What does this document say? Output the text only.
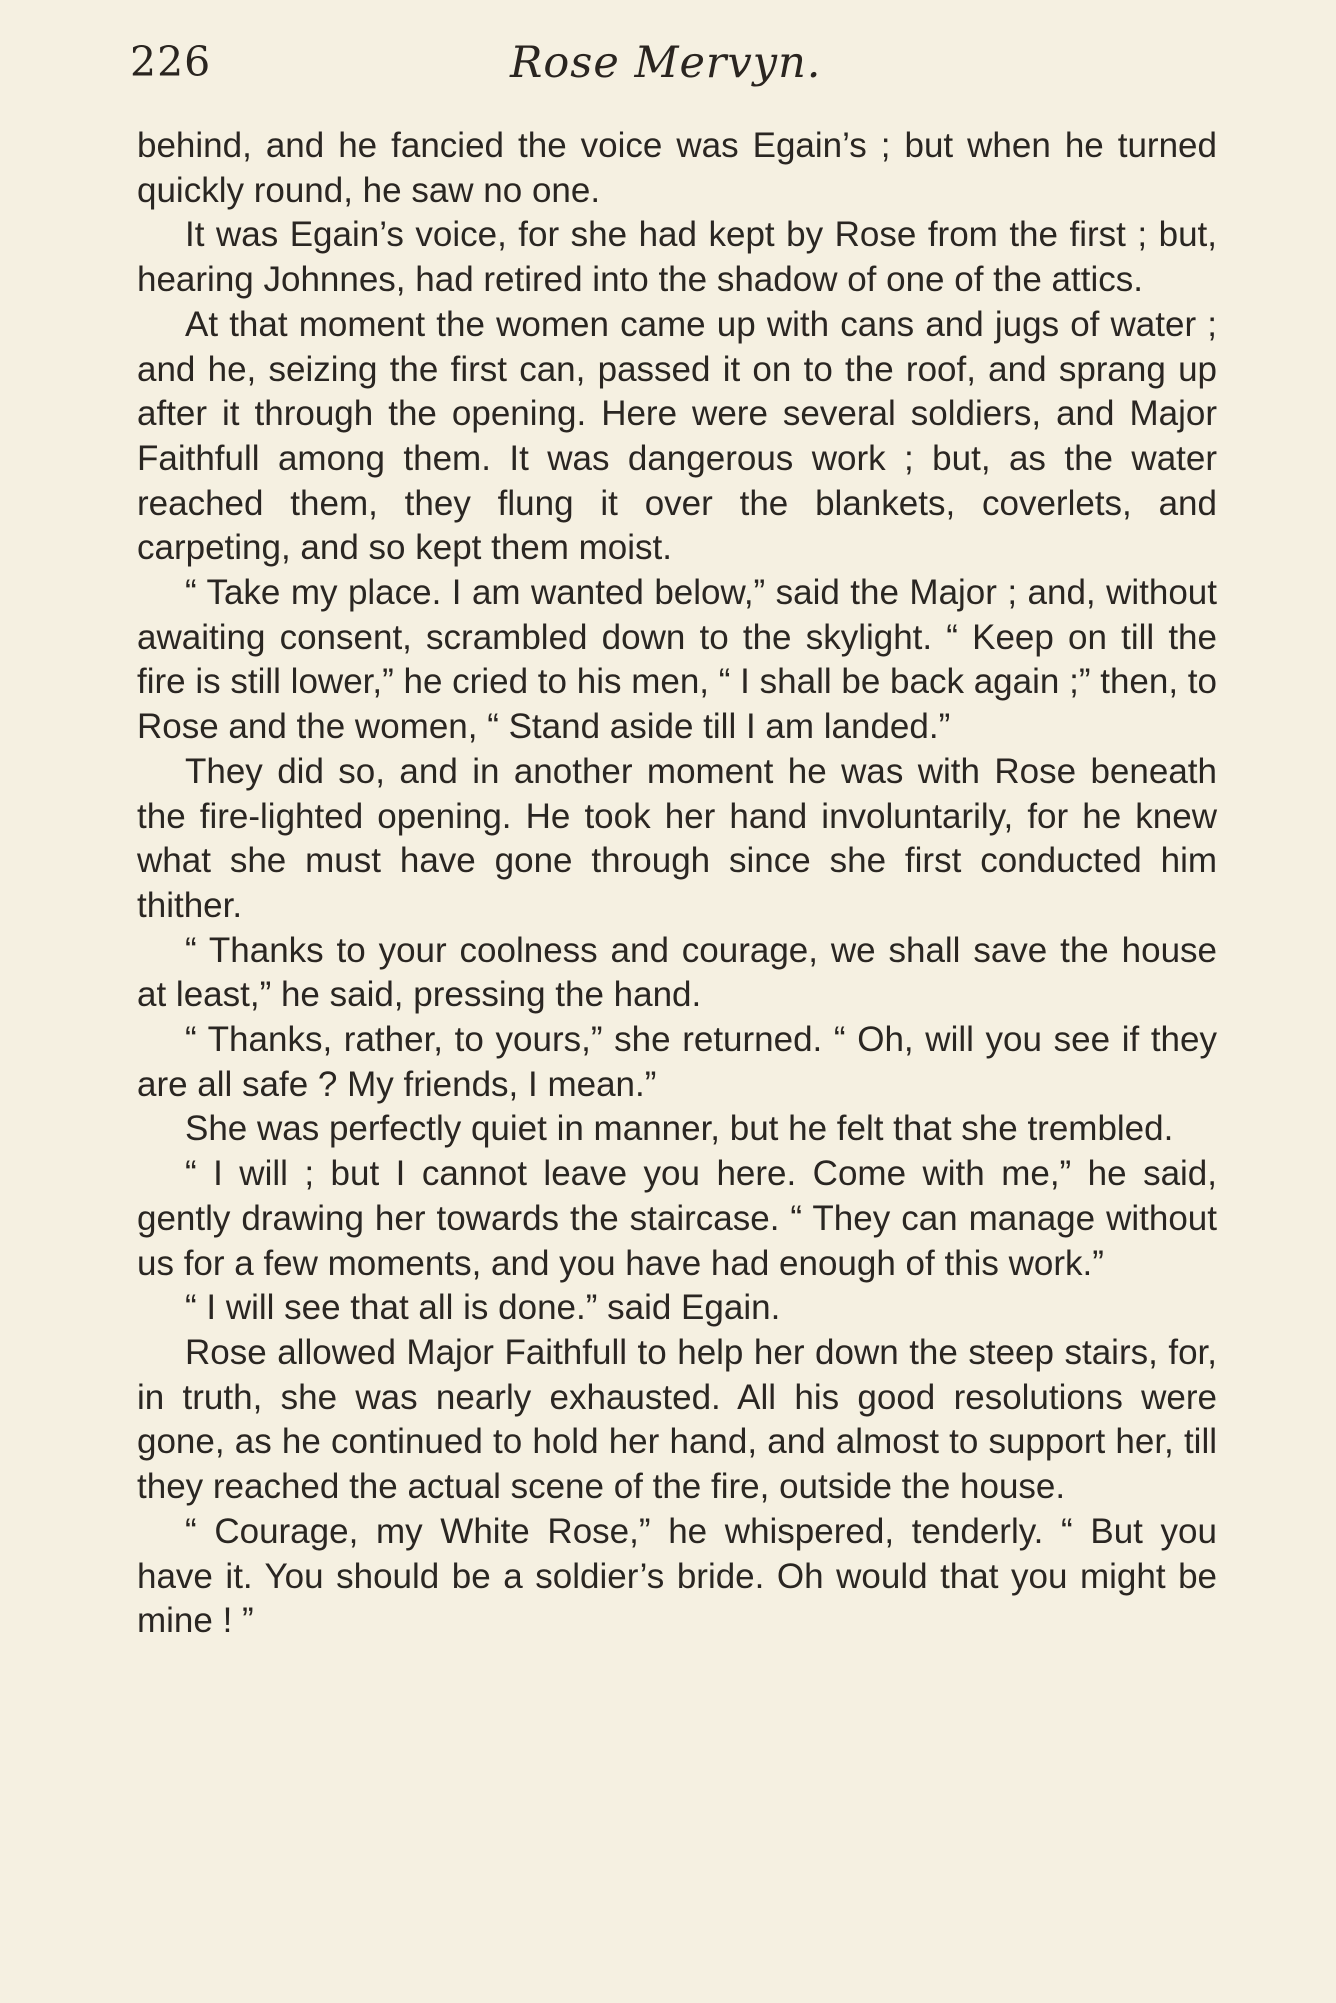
226	Rose Mervyn.

behind, and he fancied the voice was Egain’s ; but when he turned quickly round, he saw no one.

It was Egain’s voice, for she had kept by Rose from the first ; but, hearing Johnnes, had retired into the shadow of one of the attics.

At that moment the women came up with cans and jugs of water ; and he, seizing the first can, passed it on to the roof, and sprang up after it through the opening. Here were several soldiers, and Major Faithfull among them. It was dangerous work ; but, as the water reached them, they flung it over the blankets, coverlets, and carpeting, and so kept them moist.

“ Take my place. I am wanted below,” said the Major ; and, without awaiting consent, scrambled down to the skylight. “ Keep on till the fire is still lower,” he cried to his men, “ I shall be back again ;” then, to Rose and the women, “ Stand aside till I am landed.”

They did so, and in another moment he was with Rose beneath the fire-lighted opening. He took her hand involuntarily, for he knew what she must have gone through since she first conducted him thither.

“ Thanks to your coolness and courage, we shall save the house at least,” he said, pressing the hand.

“ Thanks, rather, to yours,” she returned. “ Oh, will you see if they are all safe ? My friends, I mean.”

She was perfectly quiet in manner, but he felt that she trembled.

“ I will ; but I cannot leave you here. Come with me,” he said, gently drawing her towards the staircase. “ They can manage without us for a few moments, and you have had enough of this work.”

“ I will see that all is done.” said Egain.

Rose allowed Major Faithfull to help her down the steep stairs, for, in truth, she was nearly exhausted. All his good resolutions were gone, as he continued to hold her hand, and almost to support her, till they reached the actual scene of the fire, outside the house.

“ Courage, my White Rose,” he whispered, tenderly. “ But you have it. You should be a soldier’s bride. Oh would that you might be mine ! ”
